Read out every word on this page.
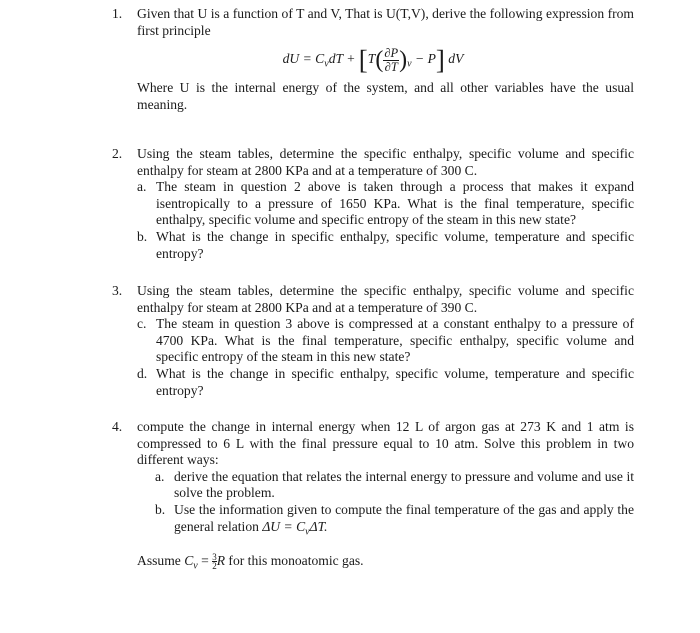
1. Given that U is a function of T and V, That is U(T,V), derive the following expression from first principle
dU = $C_vdT + [T( \frac{\partial P}{\partial T} )_v - P]$ dV
Where U is the internal energy of the system, and all other variables have the usual meaning.
2. Using the steam tables, determine the specific enthalpy, specific volume and specific enthalpy for steam at 2800 KPa and at a temperature of 300 C.
a. The steam in question 2 above is taken through a process that makes it expand isentropically to a pressure of 1650 KPa. What is the final temperature, specific enthalpy, specific volume and specific entropy of the steam in this new state?
b. What is the change in specific enthalpy, specific volume, temperature and specific entropy?
3. Using the steam tables, determine the specific enthalpy, specific volume and specific enthalpy for steam at 2800 KPa and at a temperature of 390 C.
c. The steam in question 3 above is compressed at a constant enthalpy to a pressure of 4700 KPa. What is the final temperature, specific enthalpy, specific volume and specific entropy of the steam in this new state?
d. What is the change in specific enthalpy, specific volume, temperature and specific entropy?
4. compute the change in internal energy when 12 L of argon gas at 273 K and 1 atm is compressed to 6 L with the final pressure equal to 10 atm. Solve this problem in two different ways:
a. derive the equation that relates the internal energy to pressure and volume and use it solve the problem.
b. Use the information given to compute the final temperature of the gas and apply the general relation $\Delta U = C_v\Delta T$.
Assume $C_v = \frac{3}{2}R$ for this monoatomic gas.
